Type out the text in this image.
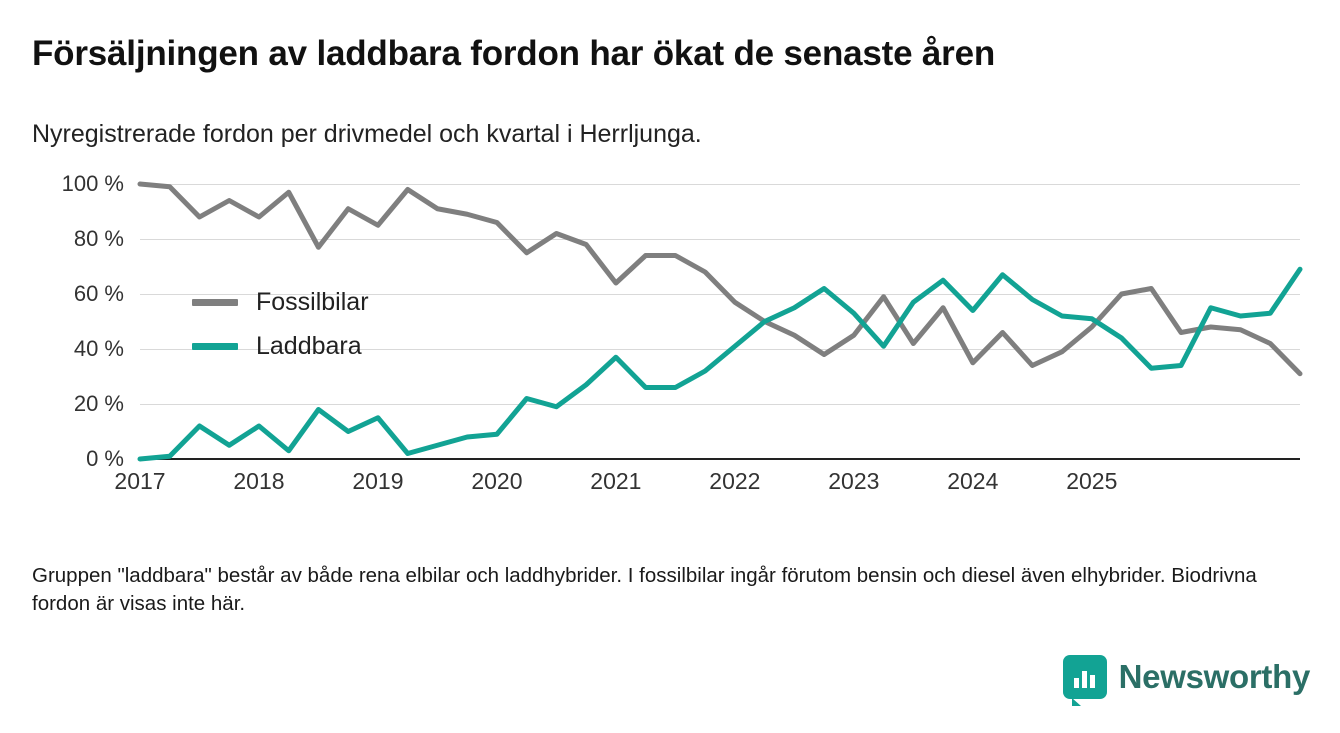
Försäljningen av laddbara fordon har ökat de senaste åren
Nyregistrerade fordon per drivmedel och kvartal i Herrljunga.
0 %
20 %
40 %
60 %
80 %
100 %
2017	2018	2019	2020	2021	2022	2023	2024	2025
Fossilbilar
Laddbara
Gruppen "laddbara" består av både rena elbilar och laddhybrider. I fossilbilar ingår förutom bensin och diesel även elhybrider. Biodrivna fordon är visas inte här.
Newsworthy
